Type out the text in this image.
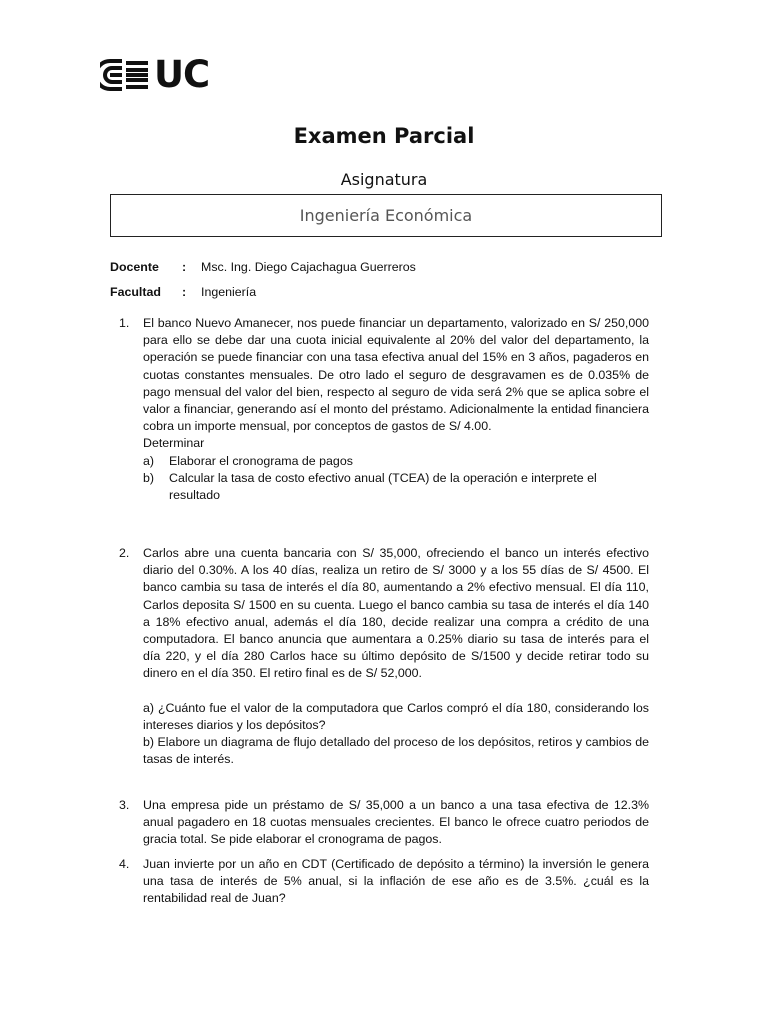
UC
Examen Parcial
Asignatura
Ingeniería Económica
Docente : Msc. Ing. Diego Cajachagua Guerreros
Facultad : Ingeniería
1. El banco Nuevo Amanecer, nos puede financiar un departamento, valorizado en S/ 250,000 para ello se debe dar una cuota inicial equivalente al 20% del valor del departamento, la operación se puede financiar con una tasa efectiva anual del 15% en 3 años, pagaderos en cuotas constantes mensuales. De otro lado el seguro de desgravamen es de 0.035% de pago mensual del valor del bien, respecto al seguro de vida será 2% que se aplica sobre el valor a financiar, generando así el monto del préstamo. Adicionalmente la entidad financiera cobra un importe mensual, por conceptos de gastos de S/ 4.00.
Determinar
a)	Elaborar el cronograma de pagos
b)	Calcular la tasa de costo efectivo anual (TCEA) de la operación e interprete el resultado
2. Carlos abre una cuenta bancaria con S/ 35,000, ofreciendo el banco un interés efectivo diario del 0.30%. A los 40 días, realiza un retiro de S/ 3000 y a los 55 días de S/ 4500. El banco cambia su tasa de interés el día 80, aumentando a 2% efectivo mensual. El día 110, Carlos deposita S/ 1500 en su cuenta. Luego el banco cambia su tasa de interés el día 140 a 18% efectivo anual, además el día 180, decide realizar una compra a crédito de una computadora. El banco anuncia que aumentara a 0.25% diario su tasa de interés para el día 220, y el día 280 Carlos hace su último depósito de S/1500 y decide retirar todo su dinero en el día 350. El retiro final es de S/ 52,000.
a) ¿Cuánto fue el valor de la computadora que Carlos compró el día 180, considerando los intereses diarios y los depósitos?
b) Elabore un diagrama de flujo detallado del proceso de los depósitos, retiros y cambios de tasas de interés.
3. Una empresa pide un préstamo de S/ 35,000 a un banco a una tasa efectiva de 12.3% anual pagadero en 18 cuotas mensuales crecientes. El banco le ofrece cuatro periodos de gracia total. Se pide elaborar el cronograma de pagos.
4. Juan invierte por un año en CDT (Certificado de depósito a término) la inversión le genera una tasa de interés de 5% anual, si la inflación de ese año es de 3.5%. ¿cuál es la rentabilidad real de Juan?
